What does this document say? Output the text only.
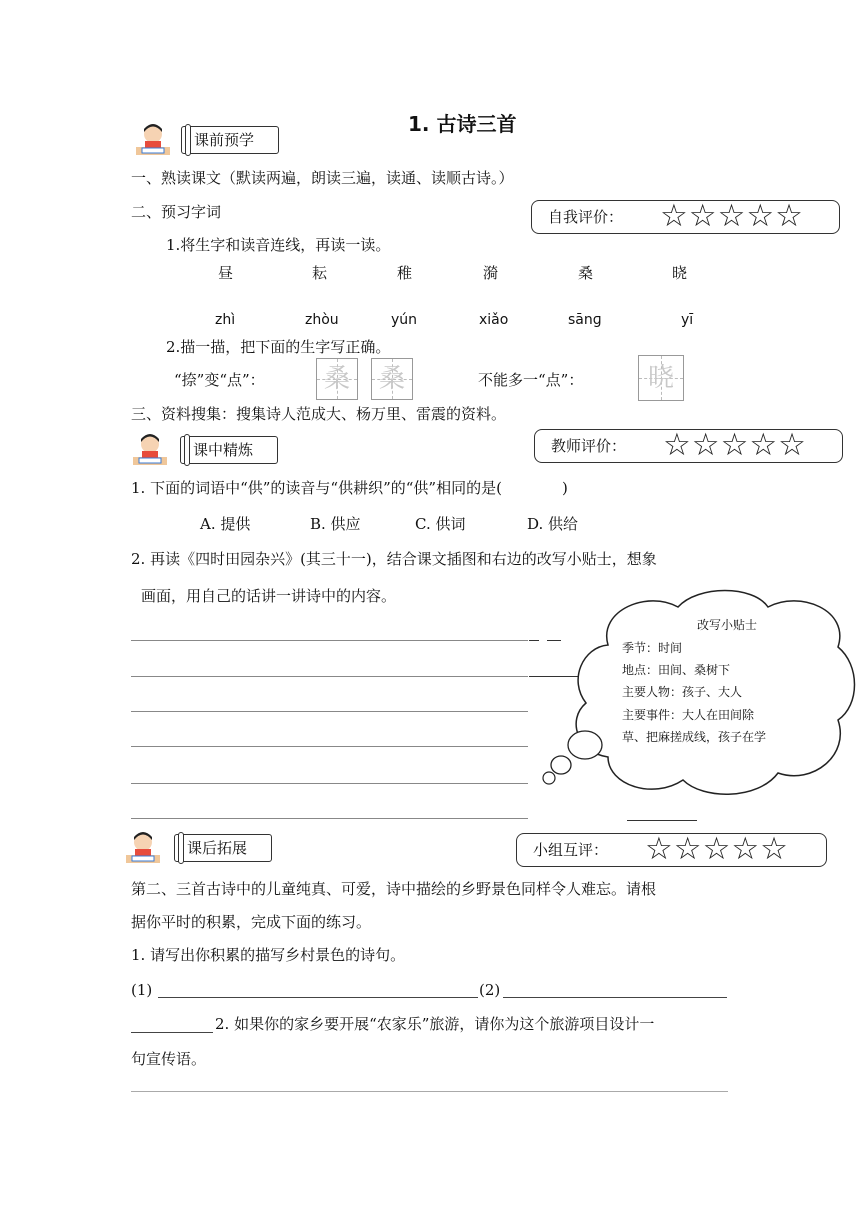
1. 古诗三首
课前预学
一、熟读课文（默读两遍，朗读三遍，读通、读顺古诗。）
二、预习字词	自我评价： ☆☆☆☆☆
1.将生字和读音连线，再读一读。
昼	耘	稚	漪	桑	晓
zhì	zhòu	yún	xiǎo	sānɡ	yī
2.描一描，把下面的生字写正确。
“捺”变“点”： 桑 桑	不能多一“点”：	晓
三、资料搜集：搜集诗人范成大、杨万里、雷震的资料。
课中精炼	教师评价： ☆☆☆☆☆
1. 下面的词语中“供”的读音与“供耕织”的“供”相同的是(　　　　)
A. 提供	B. 供应	C. 供词	D. 供给
2. 再读《四时田园杂兴》(其三十一)，结合课文插图和右边的改写小贴士，想象
画面，用自己的话讲一讲诗中的内容。
改写小贴士
季节：时间
地点：田间、桑树下
主要人物：孩子、大人
主要事件：大人在田间除
草、把麻搓成线，孩子在学
课后拓展	小组互评： ☆☆☆☆☆
第二、三首古诗中的儿童纯真、可爱，诗中描绘的乡野景色同样令人难忘。请根
据你平时的积累，完成下面的练习。
1. 请写出你积累的描写乡村景色的诗句。
(1)	(2)
2. 如果你的家乡要开展“农家乐”旅游，请你为这个旅游项目设计一
句宣传语。
